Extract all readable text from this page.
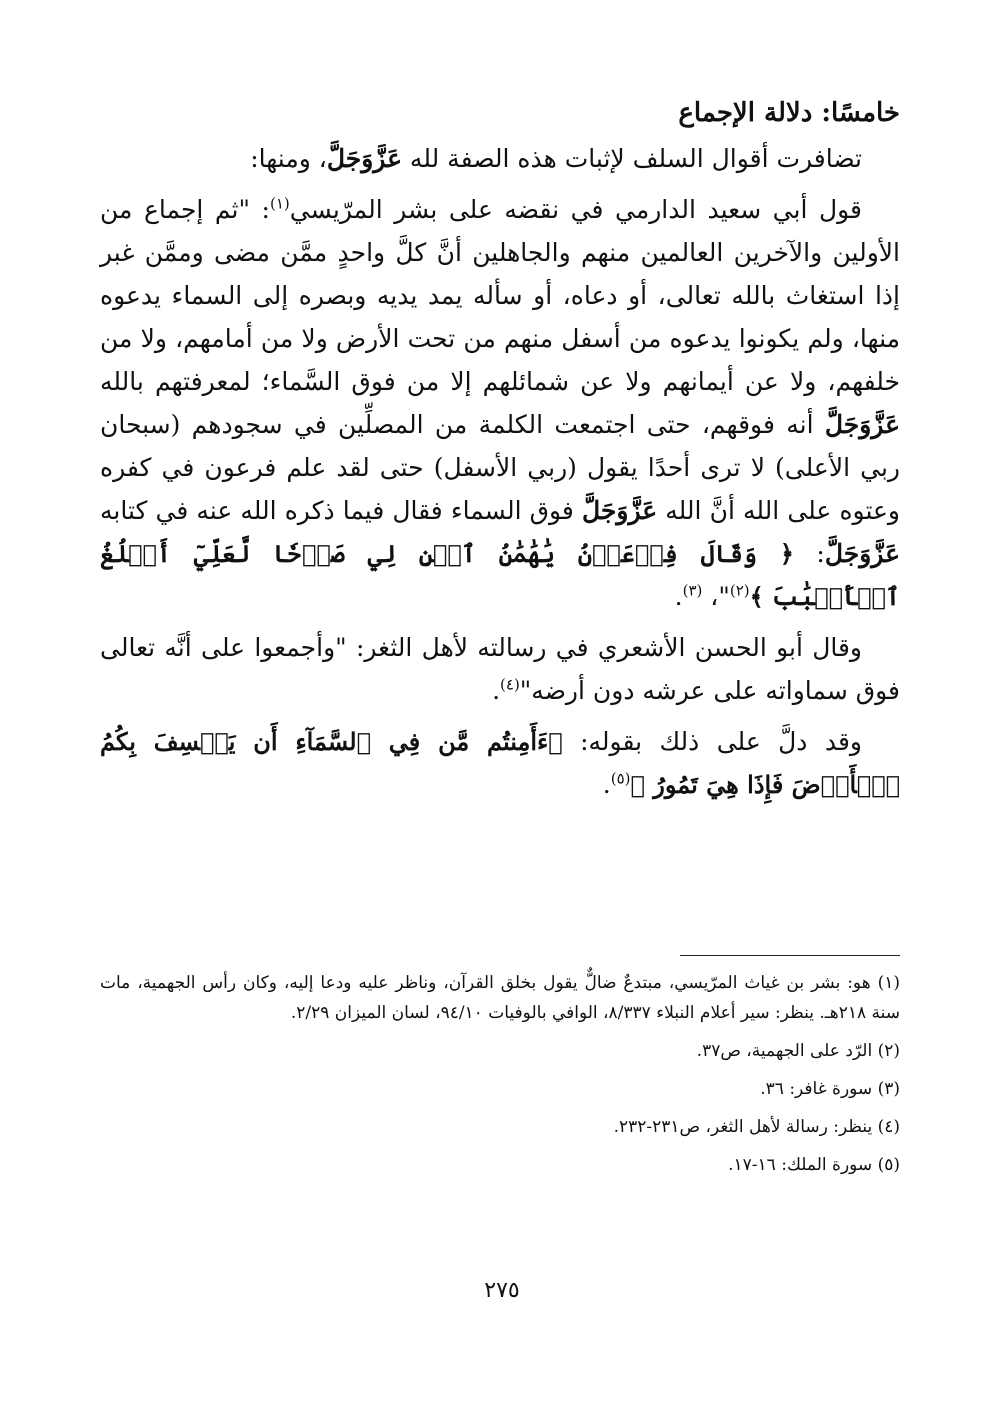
خامسًا: دلالة الإجماع

تضافرت أقوال السلف لإثبات هذه الصفة لله عَزَّوَجَلَّ، ومنها:

قول أبي سعيد الدارمي في نقضه على بشر المرّيسي$^{(١)}$: "ثم إجماع من الأولين والآخرين العالمين منهم والجاهلين أنَّ كلَّ واحدٍ ممَّن مضى وممَّن غبر إذا استغاث بالله تعالى، أو دعاه، أو سأله يمد يديه وبصره إلى السماء يدعوه منها، ولم يكونوا يدعوه من أسفل منهم من تحت الأرض ولا من أمامهم، ولا من خلفهم، ولا عن أيمانهم ولا عن شمائلهم إلا من فوق السَّماء؛ لمعرفتهم بالله عَزَّوَجَلَّ أنه فوقهم، حتى اجتمعت الكلمة من المصلِّين في سجودهم (سبحان ربي الأعلى) لا ترى أحدًا يقول (ربي الأسفل) حتى لقد علم فرعون في كفره وعتوه على الله أنَّ الله عَزَّوَجَلَّ فوق السماء فقال فيما ذكره الله عنه في كتابه عَزَّوَجَلَّ: ﴿ وَقَالَ فِرۡعَوۡنُ يَٰهَٰمَٰنُ ٱبۡنِ لِي صَرۡحٗا لَّعَلِّيٓ أَبۡلُغُ ٱلۡأَسۡبَٰبَ ﴾$^{(٢)}$"، $^{(٣)}$.

وقال أبو الحسن الأشعري في رسالته لأهل الثغر: "وأجمعوا على أنَّه تعالى فوق سماواته على عرشه دون أرضه"$^{(٤)}$.

وقد دلَّ على ذلك بقوله: ﴿ءَأَمِنتُم مَّن فِي ٱلسَّمَآءِ أَن يَخۡسِفَ بِكُمُ ٱلۡأَرۡضَ فَإِذَا هِيَ تَمُورُ ﴾$^{(٥)}$.

(١) هو: بشر بن غياث المرّيسي، مبتدعٌ ضالٌّ يقول بخلق القرآن، وناظر عليه ودعا إليه، وكان رأس الجهمية، مات سنة ٢١٨هـ. ينظر: سير أعلام النبلاء ٨/٣٣٧، الوافي بالوفيات ٩٤/١٠، لسان الميزان ٢/٢٩.

(٢) الرّد على الجهمية، ص٣٧.

(٣) سورة غافر: ٣٦.

(٤) ينظر: رسالة لأهل الثغر، ص٢٣١-٢٣٢.

(٥) سورة الملك: ١٦-١٧.

٢٧٥
